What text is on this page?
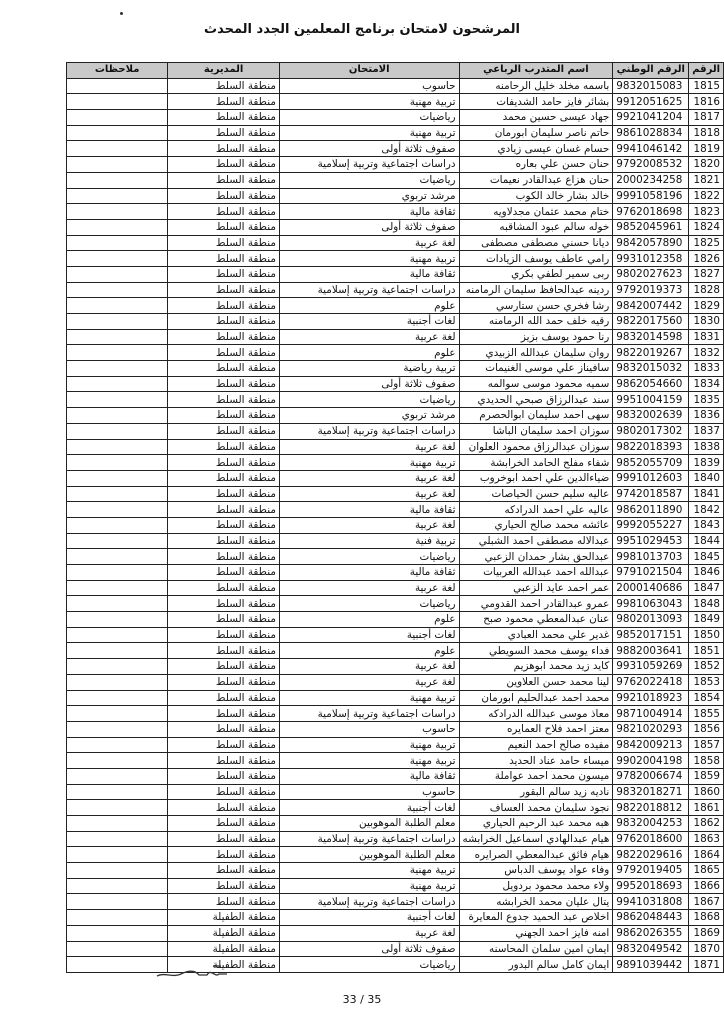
المرشحون لامتحان برنامج المعلمين الجدد المحدث
الرقم	الرقم الوطني	اسم المتدرب الرباعي	الامتحان	المديرية	ملاحظات
1815	9832015083	باسمه مخلد خليل الرحامنه	حاسوب	منطقة السلط	
1816	9912051625	بشائر فايز حامد الشديفات	تربية مهنية	منطقة السلط	
1817	9921041204	جهاد عيسى حسين محمد	رياضيات	منطقة السلط	
1818	9861028834	حاتم ناصر سليمان ابورمان	تربية مهنية	منطقة السلط	
1819	9941046142	حسام غسان عيسى زيادي	صفوف ثلاثة أولى	منطقة السلط	
1820	9792008532	حنان حسن علي بعاره	دراسات اجتماعية وتربية إسلامية	منطقة السلط	
1821	2000234258	حنان هزاع عبدالقادر نعيمات	رياضيات	منطقة السلط	
1822	9991058196	خالد بشار خالد الكوب	مرشد تربوي	منطقة السلط	
1823	9762018698	ختام محمد عثمان مجدلاويه	ثقافة مالية	منطقة السلط	
1824	9852045961	خوله سالم عبود المشاقبه	صفوف ثلاثة أولى	منطقة السلط	
1825	9842057890	ديانا حسني مصطفى مصطفى	لغة عربية	منطقة السلط	
1826	9931012358	رامي عاطف يوسف الزيادات	تربية مهنية	منطقة السلط	
1827	9802027623	ربى سمير لطفي بكري	ثقافة مالية	منطقة السلط	
1828	9792019373	ردينه عبدالحافظ سليمان الرمامنه	دراسات اجتماعية وتربية إسلامية	منطقة السلط	
1829	9842007442	رشا فخري حسن ستارسي	علوم	منطقة السلط	
1830	9822017560	رقيه خلف حمد الله الرمامنه	لغات أجنبية	منطقة السلط	
1831	9832014598	رنا حمود يوسف بزيز	لغة عربية	منطقة السلط	
1832	9822019267	روان سليمان عبدالله الزبيدي	علوم	منطقة السلط	
1833	9832015032	سافيناز علي موسى الغنيمات	تربية رياضية	منطقة السلط	
1834	9862054660	سميه محمود موسى سوالمه	صفوف ثلاثة أولى	منطقة السلط	
1835	9951004159	سند عبدالرزاق صبحي الحديدي	رياضيات	منطقة السلط	
1836	9832002639	سهى احمد سليمان ابوالحصرم	مرشد تربوي	منطقة السلط	
1837	9802017302	سوزان احمد سليمان الباشا	دراسات اجتماعية وتربية إسلامية	منطقة السلط	
1838	9822018393	سوزان عبدالرزاق محمود العلوان	لغة عربية	منطقة السلط	
1839	9852055709	شفاء مفلح الحامد الخرابشة	تربية مهنية	منطقة السلط	
1840	9991012603	ضياءالدين علي احمد ابوخروب	لغة عربية	منطقة السلط	
1841	9742018587	عاليه سليم حسن الحياصات	لغة عربية	منطقة السلط	
1842	9862011890	عاليه علي احمد الدرادكه	ثقافة مالية	منطقة السلط	
1843	9992055227	عائشه محمد صالح الحياري	لغة عربية	منطقة السلط	
1844	9951029453	عبدالاله مصطفى احمد الشبلي	تربية فنية	منطقة السلط	
1845	9981013703	عبدالحق بشار حمدان الزعبي	رياضيات	منطقة السلط	
1846	9791021504	عبدالله احمد عبدالله العربيات	ثقافة مالية	منطقة السلط	
1847	2000140686	عمر احمد عايد الزعبي	لغة عربية	منطقة السلط	
1848	9981063043	عمرو عبدالقادر احمد القدومي	رياضيات	منطقة السلط	
1849	9802013093	عنان عبدالمعطي محمود صبح	علوم	منطقة السلط	
1850	9852017151	غدير علي محمد العبادي	لغات أجنبية	منطقة السلط	
1851	9882003641	فداء يوسف محمد السويطي	علوم	منطقة السلط	
1852	9931059269	كايد زيد محمد ابوهزيم	لغة عربية	منطقة السلط	
1853	9762022418	لينا محمد حسن العلاوين	لغة عربية	منطقة السلط	
1854	9921018923	محمد احمد عبدالحليم ابورمان	تربية مهنية	منطقة السلط	
1855	9871004914	معاذ موسى عبدالله الدرادكه	دراسات اجتماعية وتربية إسلامية	منطقة السلط	
1856	9821020293	معتز احمد فلاح العمايره	حاسوب	منطقة السلط	
1857	9842009213	مفيده صالح احمد النعيم	تربية مهنية	منطقة السلط	
1858	9902004198	ميساء حامد عناد الحديد	تربية مهنية	منطقة السلط	
1859	9782006674	ميسون محمد احمد عواملة	ثقافة مالية	منطقة السلط	
1860	9832018271	ناديه زيد سالم البقور	حاسوب	منطقة السلط	
1861	9822018812	نجود سليمان محمد العساف	لغات أجنبية	منطقة السلط	
1862	9832004253	هبه محمد عبد الرحيم الحياري	معلم الطلبة الموهوبين	منطقة السلط	
1863	9762018600	هيام عبدالهادي اسماعيل الخرابشه	دراسات اجتماعية وتربية إسلامية	منطقة السلط	
1864	9822029616	هيام فائق عبدالمعطي الصرايره	معلم الطلبة الموهوبين	منطقة السلط	
1865	9792019405	وفاء عواد يوسف الدباس	تربية مهنية	منطقة السلط	
1866	9952018693	ولاء محمد محمود بردويل	تربية مهنية	منطقة السلط	
1867	9941031808	يتال عليان محمد الخرابشه	دراسات اجتماعية وتربية إسلامية	منطقة السلط	
1868	9862048443	اخلاص عبد الحميد جدوع المعايرة	لغات أجنبية	منطقة الطفيلة	
1869	9862026355	امنه فايز احمد الجهني	لغة عربية	منطقة الطفيلة	
1870	9832049542	ايمان امين سلمان المحاسنه	صفوف ثلاثة أولى	منطقة الطفيلة	
1871	9891039442	ايمان كامل سالم البدور	رياضيات	منطقة الطفيلة	
33 / 35
